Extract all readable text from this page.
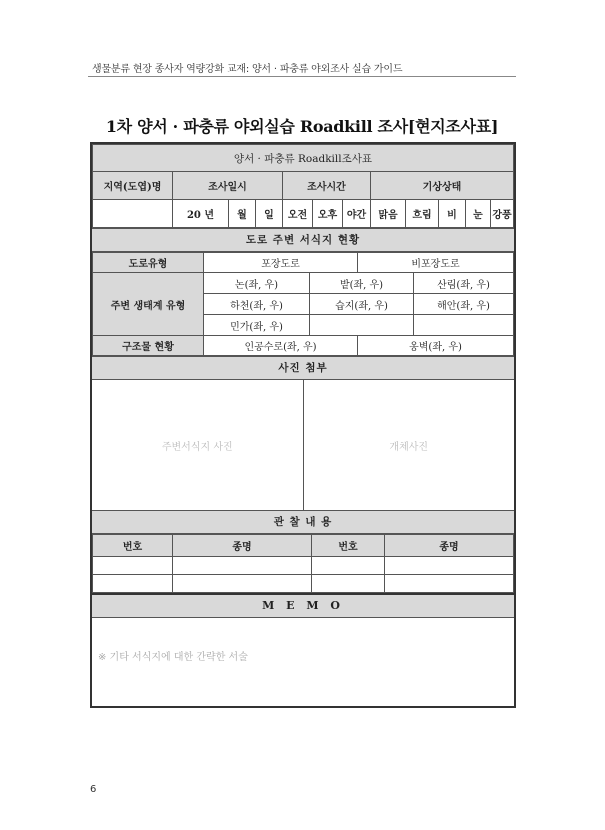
생물분류 현장 종사자 역량강화 교재: 양서 · 파충류 야외조사 실습 가이드
1차 양서 · 파충류 야외실습 Roadkill 조사[현지조사표]
양서 · 파충류 Roadkill조사표											
지역(도엽)명	조사일시			조사시간			기상상태				
	20 년	월	일	오전	오후	야간	맑음	흐림	비	눈	강풍
도로 주변 서식지 현황
도로유형	포장도로		비포장도로	
주변 생태계 유형	논(좌, 우)	밭(좌, 우)		산림(좌, 우)
	하천(좌, 우)	습지(좌, 우)		해안(좌, 우)
	민가(좌, 우)			
구조물 현황	인공수로(좌, 우)		옹벽(좌, 우)	
사진 첨부
주변서식지 사진	개체사진
관 찰 내 용
번호	종명	번호	종명

M E M O
※ 기타 서식지에 대한 간략한 서술
6
